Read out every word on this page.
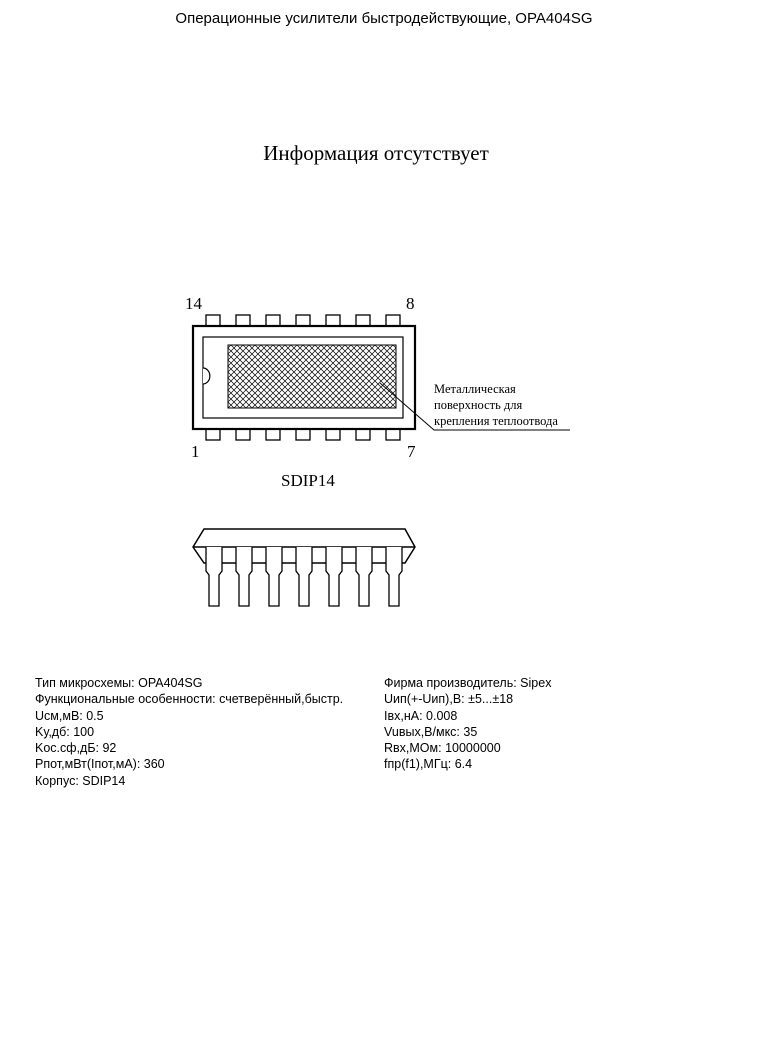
Операционные усилители быстродействующие, OPA404SG
Информация отсутствует
14	8
1	7
Металлическая
поверхность для
крепления теплоотвода
SDIP14
Тип микросхемы: OPA404SG
Функциональные особенности: счетверённый,быстр.
Uсм,мВ: 0.5
Kу,дб: 100
Kос.сф,дБ: 92
Pпот,мВт(Iпот,мА): 360
Корпус: SDIP14
Фирма производитель: Sipex
Uип(+-Uип),В: ±5...±18
Iвх,нА: 0.008
Vuвых,В/мкс: 35
Rвх,МОм: 10000000
fпр(f1),МГц: 6.4
